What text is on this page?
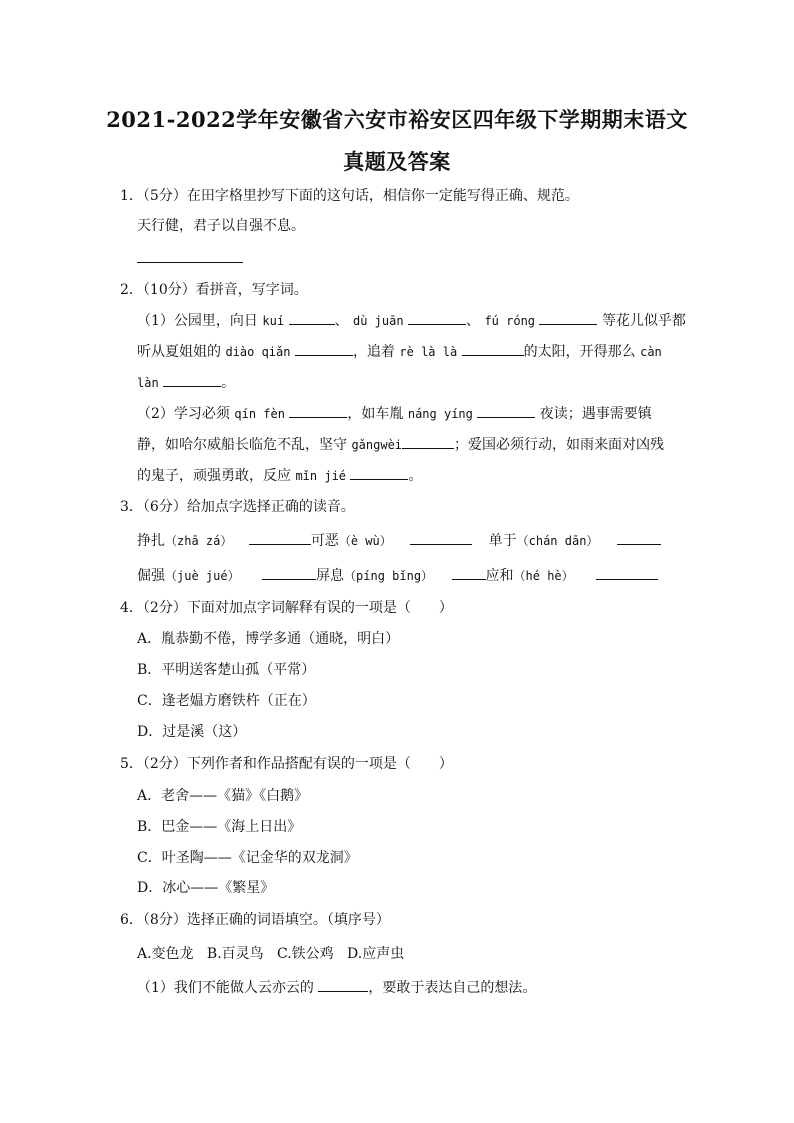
2021-2022学年安徽省六安市裕安区四年级下学期期末语文
真题及答案
1．（5分）在田字格里抄写下面的这句话，相信你一定能写得正确、规范。
天行健，君子以自强不息。
2．（10分）看拼音，写字词。
（1）公园里，向日 kuí	、 dù juān	、 fú róng	等花儿似乎都
听从夏姐姐的 diào qiǎn	，追着 rè là là	的太阳，开得那么 càn
làn	。
（2）学习必须 qín fèn	，如车胤 náng yíng	夜读；遇事需要镇
静，如哈尔威船长临危不乱，坚守 gǎngwèi	；爱国必须行动，如雨来面对凶残
的鬼子，顽强勇敢，反应 mǐn jié	。
3．（6分）给加点字选择正确的读音。
挣扎（zhā zá）	可恶（è wù）	单于（chán dān）
倔强（juè jué）	屏息（píng bǐng）	应和（hé hè）
4．（2分）下面对加点字词解释有误的一项是（　　）
A．胤恭勤不倦，博学多通（通晓，明白）
B．平明送客楚山孤（平常）
C．逢老媪方磨铁杵（正在）
D．过是溪（这）
5．（2分）下列作者和作品搭配有误的一项是（　　）
A．老舍——《猫》《白鹅》
B．巴金——《海上日出》
C．叶圣陶——《记金华的双龙洞》
D．冰心——《繁星》
6．（8分）选择正确的词语填空。（填序号）
A.变色龙   B.百灵鸟   C.铁公鸡   D.应声虫
（1）我们不能做人云亦云的	，要敢于表达自己的想法。
